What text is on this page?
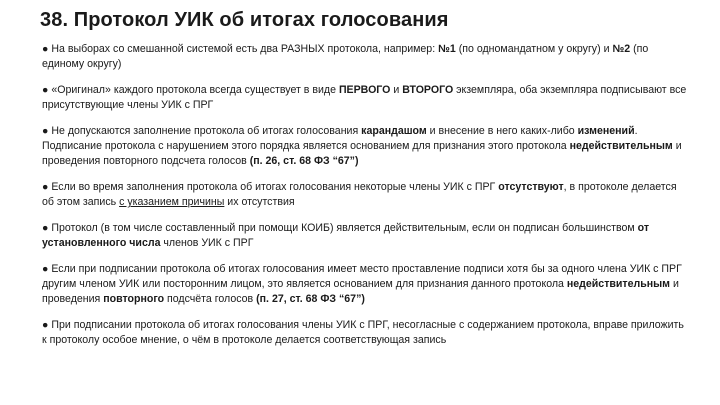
38. Протокол УИК об итогах голосования
● На выборах со смешанной системой есть два РАЗНЫХ протокола, например: №1 (по одномандатном у округу) и №2 (по единому округу)
● «Оригинал» каждого протокола всегда существует в виде ПЕРВОГО и ВТОРОГО экземпляра, оба экземпляра подписывают все присутствующие члены УИК с ПРГ
● Не допускаются заполнение протокола об итогах голосования карандашом и внесение в него каких-либо изменений. Подписание протокола с нарушением этого порядка является основанием для признания этого протокола недействительным и проведения повторного подсчета голосов (п. 26, ст. 68 ФЗ “67”)
● Если во время заполнения протокола об итогах голосования некоторые члены УИК с ПРГ отсутствуют, в протоколе делается об этом запись с указанием причины их отсутствия
● Протокол (в том числе составленный при помощи КОИБ) является действительным, если он подписан большинством от установленного числа членов УИК с ПРГ
● Если при подписании протокола об итогах голосования имеет место проставление подписи хотя бы за одного члена УИК с ПРГ другим членом УИК или посторонним лицом, это является основанием для признания данного протокола недействительным и проведения повторного подсчёта голосов (п. 27, ст. 68 ФЗ “67”)
● При подписании протокола об итогах голосования члены УИК с ПРГ, несогласные с содержанием протокола, вправе приложить к протоколу особое мнение, о чём в протоколе делается соответствующая запись
